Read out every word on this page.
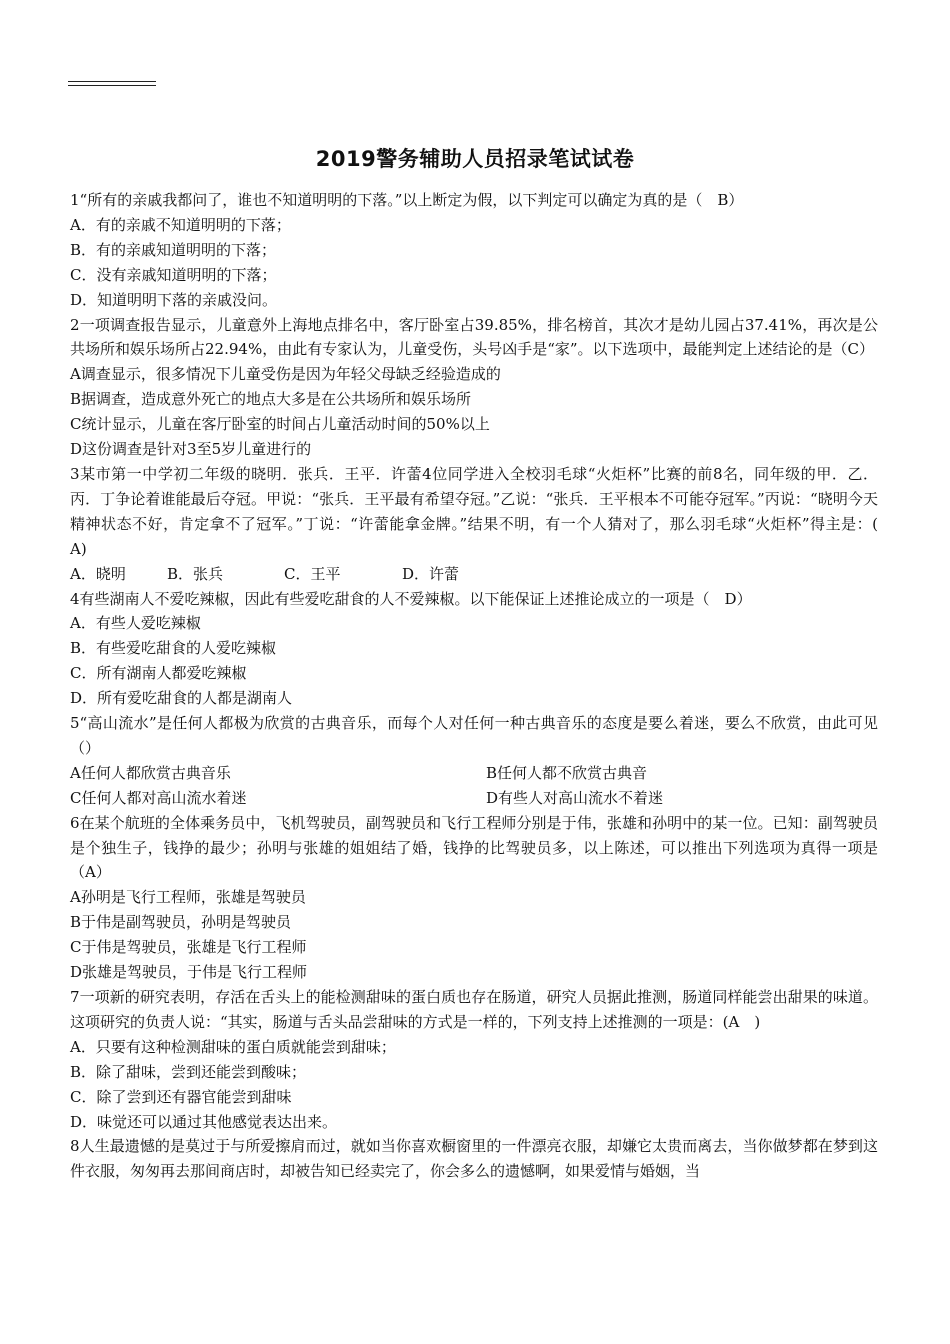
2019警务辅助人员招录笔试试卷

1“所有的亲戚我都问了，谁也不知道明明的下落。”以上断定为假，以下判定可以确定为真的是（　B）

A．有的亲戚不知道明明的下落；

B．有的亲戚知道明明的下落；

C．没有亲戚知道明明的下落；

D．知道明明下落的亲戚没问。

2一项调查报告显示，儿童意外上海地点排名中，客厅卧室占39.85%，排名榜首，其次才是幼儿园占37.41%，再次是公共场所和娱乐场所占22.94%，由此有专家认为，儿童受伤，头号凶手是“家”。以下选项中，最能判定上述结论的是（C）

A调查显示，很多情况下儿童受伤是因为年轻父母缺乏经验造成的

B据调查，造成意外死亡的地点大多是在公共场所和娱乐场所

C统计显示，儿童在客厅卧室的时间占儿童活动时间的50%以上

D这份调查是针对3至5岁儿童进行的

3某市第一中学初二年级的晓明．张兵．王平．许蕾4位同学进入全校羽毛球“火炬杯”比赛的前8名，同年级的甲．乙．丙．丁争论着谁能最后夺冠。甲说：“张兵．王平最有希望夺冠。”乙说：“张兵．王平根本不可能夺冠军。”丙说：“晓明今天精神状态不好，肯定拿不了冠军。”丁说：“许蕾能拿金牌。”结果不明，有一个人猜对了，那么羽毛球“火炬杯”得主是：(　A)

A．晓明	B．张兵	C．王平	D．许蕾

4有些湖南人不爱吃辣椒，因此有些爱吃甜食的人不爱辣椒。以下能保证上述推论成立的一项是（　D）

A．有些人爱吃辣椒

B．有些爱吃甜食的人爱吃辣椒

C．所有湖南人都爱吃辣椒

D．所有爱吃甜食的人都是湖南人

5“高山流水”是任何人都极为欣赏的古典音乐，而每个人对任何一种古典音乐的态度是要么着迷，要么不欣赏，由此可见（）

A任何人都欣赏古典音乐	B任何人都不欣赏古典音
C任何人都对高山流水着迷	D有些人对高山流水不着迷

6在某个航班的全体乘务员中，飞机驾驶员，副驾驶员和飞行工程师分别是于伟，张雄和孙明中的某一位。已知：副驾驶员是个独生子，钱挣的最少；孙明与张雄的姐姐结了婚，钱挣的比驾驶员多，以上陈述，可以推出下列选项为真得一项是（A）

A孙明是飞行工程师，张雄是驾驶员

B于伟是副驾驶员，孙明是驾驶员

C于伟是驾驶员，张雄是飞行工程师

D张雄是驾驶员，于伟是飞行工程师

7一项新的研究表明，存活在舌头上的能检测甜味的蛋白质也存在肠道，研究人员据此推测，肠道同样能尝出甜果的味道。这项研究的负责人说：“其实，肠道与舌头品尝甜味的方式是一样的，下列支持上述推测的一项是：(A　)

A．只要有这种检测甜味的蛋白质就能尝到甜味；

B．除了甜味，尝到还能尝到酸味；

C．除了尝到还有器官能尝到甜味

D．味觉还可以通过其他感觉表达出来。

8人生最遗憾的是莫过于与所爱擦肩而过，就如当你喜欢橱窗里的一件漂亮衣服，却嫌它太贵而离去，当你做梦都在梦到这件衣服，匆匆再去那间商店时，却被告知已经卖完了，你会多么的遗憾啊，如果爱情与婚姻，当
